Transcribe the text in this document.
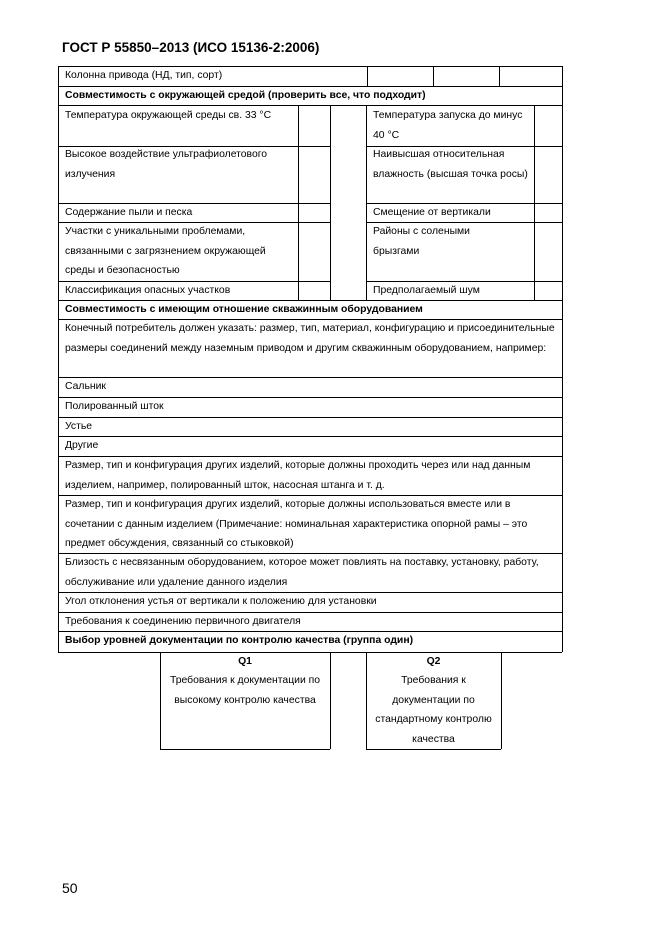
ГОСТ Р 55850–2013 (ИСО 15136-2:2006)
Колонна привода (НД, тип, сорт)
Совместимость с окружающей средой (проверить все, что подходит)
Температура окружающей среды св. 33 °С
Высокое воздействие ультрафиолетового излучения
Содержание пыли и песка
Участки с уникальными проблемами, связанными с загрязнением окружающей среды и безопасностью
Классификация опасных участков
Температура запуска до минус 40 °С
Наивысшая относительная влажность (высшая точка росы)
Смещение от вертикали
Районы с солеными брызгами
Предполагаемый шум
Совместимость с имеющим отношение скважинным оборудованием
Конечный потребитель должен указать: размер, тип, материал, конфигурацию и присоединительные размеры соединений между наземным приводом и другим скважинным оборудованием, например:
Сальник
Полированный шток
Устье
Другие
Размер, тип и конфигурация других изделий, которые должны проходить через или над данным изделием, например, полированный шток, насосная штанга и т. д.
Размер, тип и конфигурация других изделий, которые должны использоваться вместе или в сочетании с данным изделием (Примечание: номинальная характеристика опорной рамы – это предмет обсуждения, связанный со стыковкой)
Близость с несвязанным оборудованием, которое может повлиять на поставку, установку, работу, обслуживание или удаление данного изделия
Угол отклонения устья от вертикали к положению для установки
Требования к соединению первичного двигателя
Выбор уровней документации по контролю качества (группа один)
Q1
Требования к документации по высокому контролю качества
Q2
Требования к документации по стандартному контролю качества
50
